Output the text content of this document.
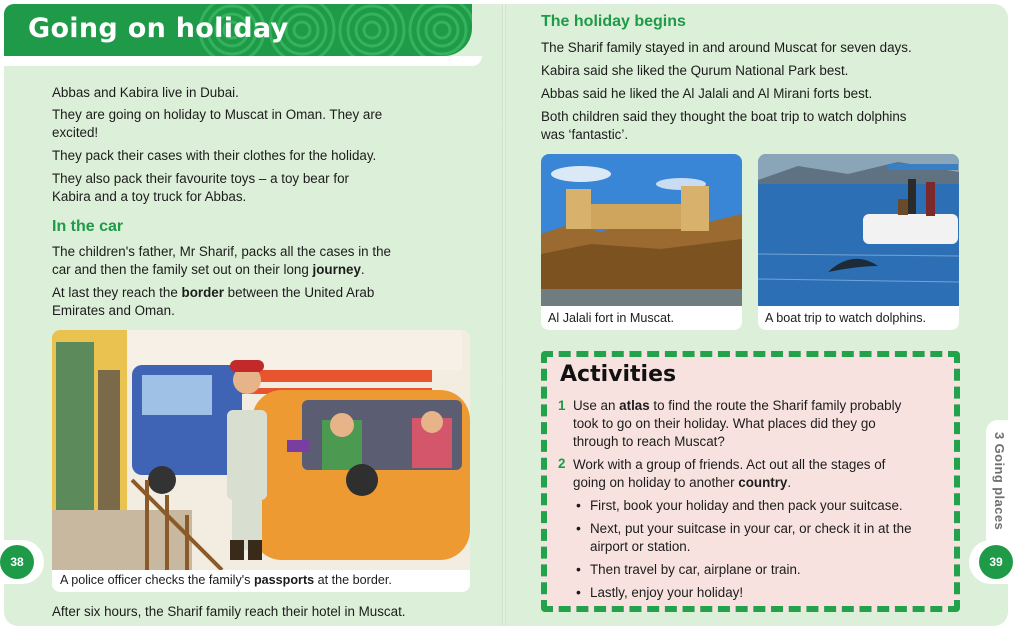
Going on holiday
Abbas and Kabira live in Dubai.
They are going on holiday to Muscat in Oman. They are
excited!
They pack their cases with their clothes for the holiday.
They also pack their favourite toys – a toy bear for
Kabira and a toy truck for Abbas.
In the car
The children's father, Mr Sharif, packs all the cases in the
car and then the family set out on their long journey.
At last they reach the border between the United Arab
Emirates and Oman.
A police officer checks the family's passports at the border.
After six hours, the Sharif family reach their hotel in Muscat.
38
The holiday begins
The Sharif family stayed in and around Muscat for seven days.
Kabira said she liked the Qurum National Park best.
Abbas said he liked the Al Jalali and Al Mirani forts best.
Both children said they thought the boat trip to watch dolphins
was ‘fantastic’.
Al Jalali fort in Muscat.	A boat trip to watch dolphins.
Activities
1 Use an atlas to find the route the Sharif family probably
took to go on their holiday. What places did they go
through to reach Muscat?
2 Work with a group of friends. Act out all the stages of
going on holiday to another country.
• First, book your holiday and then pack your suitcase.
• Next, put your suitcase in your car, or check it in at the
airport or station.
• Then travel by car, airplane or train.
• Lastly, enjoy your holiday!
3 Going places
39
